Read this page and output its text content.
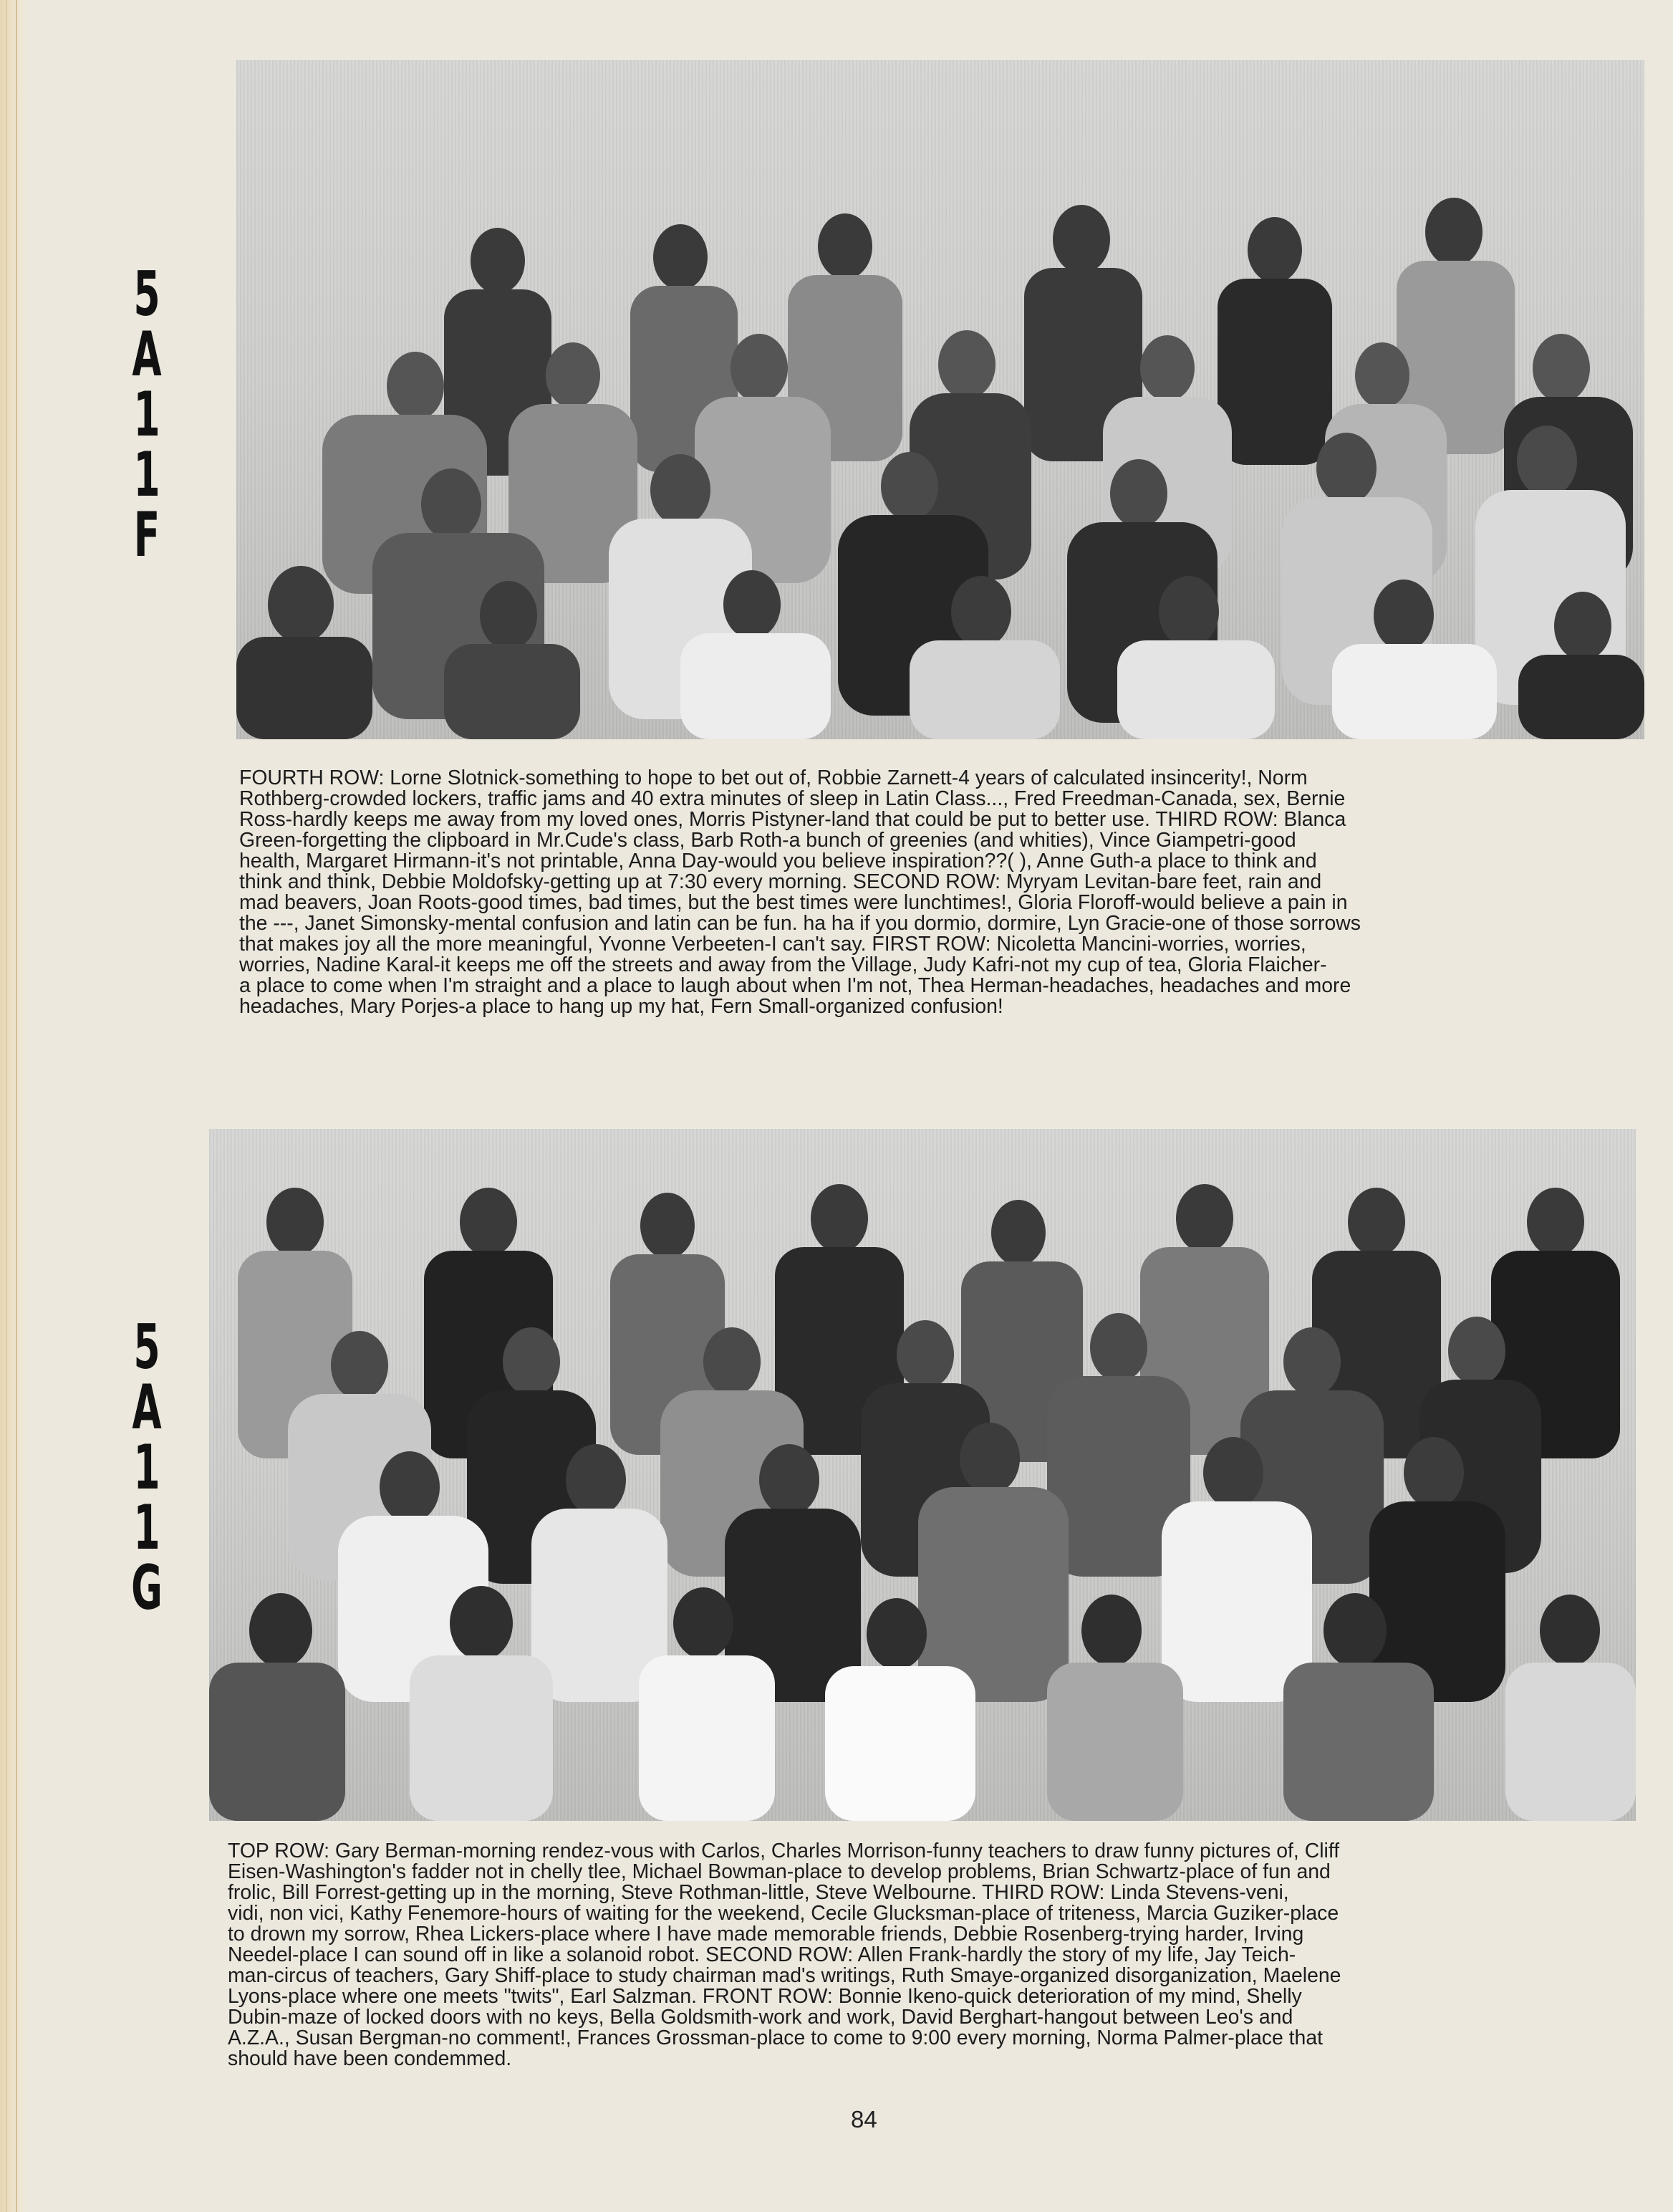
5
A
1
1
F

FOURTH ROW: Lorne Slotnick-something to hope to bet out of, Robbie Zarnett-4 years of calculated insincerity!, Norm

Rothberg-crowded lockers, traffic jams and 40 extra minutes of sleep in Latin Class..., Fred Freedman-Canada, sex, Bernie

Ross-hardly keeps me away from my loved ones, Morris Pistyner-land that could be put to better use. THIRD ROW: Blanca

Green-forgetting the clipboard in Mr.Cude's class, Barb Roth-a bunch of greenies (and whities), Vince Giampetri-good

health, Margaret Hirmann-it's not printable, Anna Day-would you believe inspiration??( ), Anne Guth-a place to think and

think and think, Debbie Moldofsky-getting up at 7:30 every morning. SECOND ROW: Myryam Levitan-bare feet, rain and

mad beavers, Joan Roots-good times, bad times, but the best times were lunchtimes!, Gloria Floroff-would believe a pain in

the ---, Janet Simonsky-mental confusion and latin can be fun. ha ha if you dormio, dormire, Lyn Gracie-one of those sorrows

that makes joy all the more meaningful, Yvonne Verbeeten-I can't say. FIRST ROW: Nicoletta Mancini-worries, worries,

worries, Nadine Karal-it keeps me off the streets and away from the Village, Judy Kafri-not my cup of tea, Gloria Flaicher-

a place to come when I'm straight and a place to laugh about when I'm not, Thea Herman-headaches, headaches and more

headaches, Mary Porjes-a place to hang up my hat, Fern Small-organized confusion!

5
A
1
1
G

TOP ROW: Gary Berman-morning rendez-vous with Carlos, Charles Morrison-funny teachers to draw funny pictures of, Cliff

Eisen-Washington's fadder not in chelly tlee, Michael Bowman-place to develop problems, Brian Schwartz-place of fun and

frolic, Bill Forrest-getting up in the morning, Steve Rothman-little, Steve Welbourne. THIRD ROW: Linda Stevens-veni,

vidi, non vici, Kathy Fenemore-hours of waiting for the weekend, Cecile Glucksman-place of triteness, Marcia Guziker-place

to drown my sorrow, Rhea Lickers-place where I have made memorable friends, Debbie Rosenberg-trying harder, Irving

Needel-place I can sound off in like a solanoid robot. SECOND ROW: Allen Frank-hardly the story of my life, Jay Teich-

man-circus of teachers, Gary Shiff-place to study chairman mad's writings, Ruth Smaye-organized disorganization, Maelene

Lyons-place where one meets "twits", Earl Salzman. FRONT ROW: Bonnie Ikeno-quick deterioration of my mind, Shelly

Dubin-maze of locked doors with no keys, Bella Goldsmith-work and work, David Berghart-hangout between Leo's and

A.Z.A., Susan Bergman-no comment!, Frances Grossman-place to come to 9:00 every morning, Norma Palmer-place that

should have been condemmed.

84
